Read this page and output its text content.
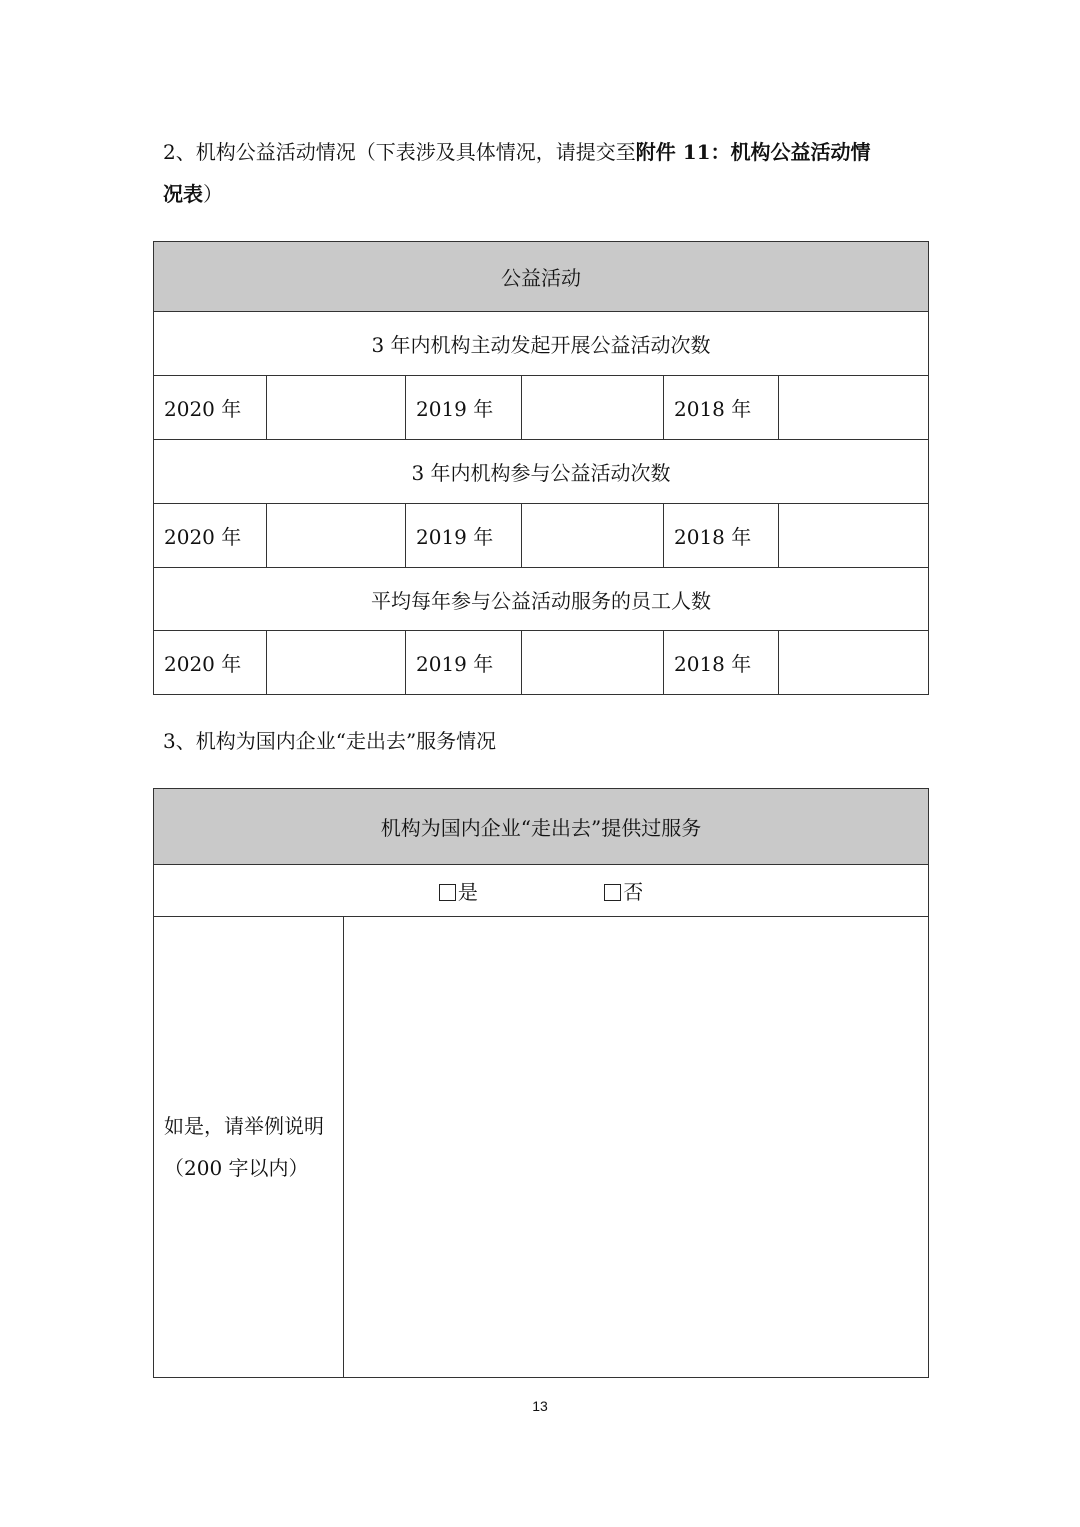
2、机构公益活动情况（下表涉及具体情况，请提交至附件 11：机构公益活动情
况表）

公益活动					
3 年内机构主动发起开展公益活动次数					
2020 年		2019 年		2018 年	
3 年内机构参与公益活动次数					
2020 年		2019 年		2018 年	
平均每年参与公益活动服务的员工人数					
2020 年		2019 年		2018 年	

3、机构为国内企业“走出去”服务情况

机构为国内企业“走出去”提供过服务
是	否
如是，请举例说明
（200 字以内）	
13
